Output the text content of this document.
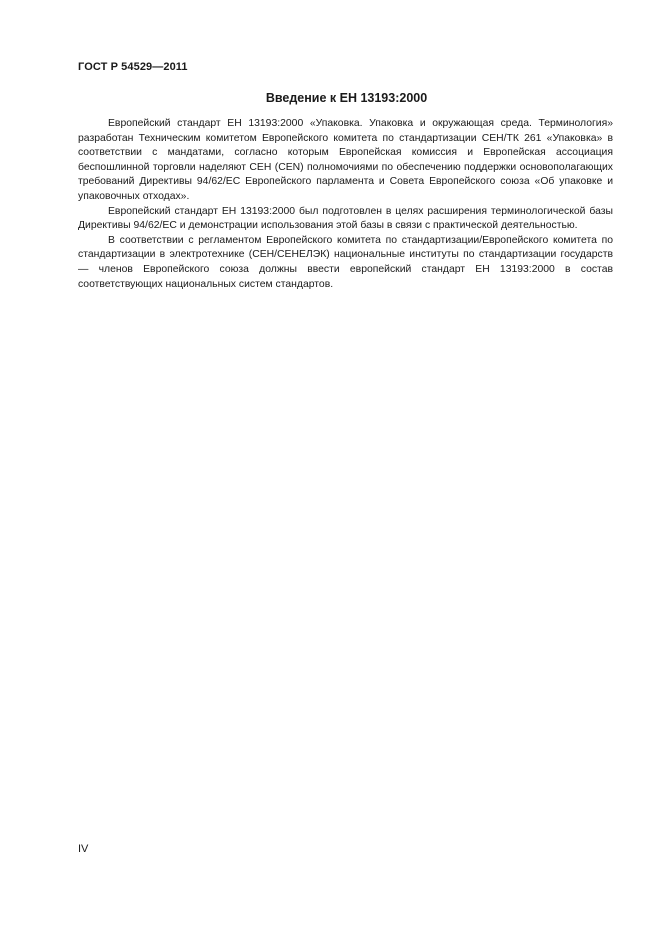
ГОСТ Р 54529—2011
Введение к ЕН 13193:2000

Европейский стандарт ЕН 13193:2000 «Упаковка. Упаковка и окружающая среда. Терминология» разработан Техническим комитетом Европейского комитета по стандартизации СЕН/ТК 261 «Упаковка» в соответствии с мандатами, согласно которым Европейская комиссия и Европейская ассоциация беспошлинной торговли наделяют СЕН (CEN) полномочиями по обеспечению поддержки основополагающих требований Директивы 94/62/ЕС Европейского парламента и Совета Европейского союза «Об упаковке и упаковочных отходах».

Европейский стандарт ЕН 13193:2000 был подготовлен в целях расширения терминологической базы Директивы 94/62/ЕС и демонстрации использования этой базы в связи с практической деятельностью.

В соответствии с регламентом Европейского комитета по стандартизации/Европейского комитета по стандартизации в электротехнике (СЕН/СЕНЕЛЭК) национальные институты по стандартизации государств — членов Европейского союза должны ввести европейский стандарт ЕН 13193:2000 в состав соответствующих национальных систем стандартов.

IV
